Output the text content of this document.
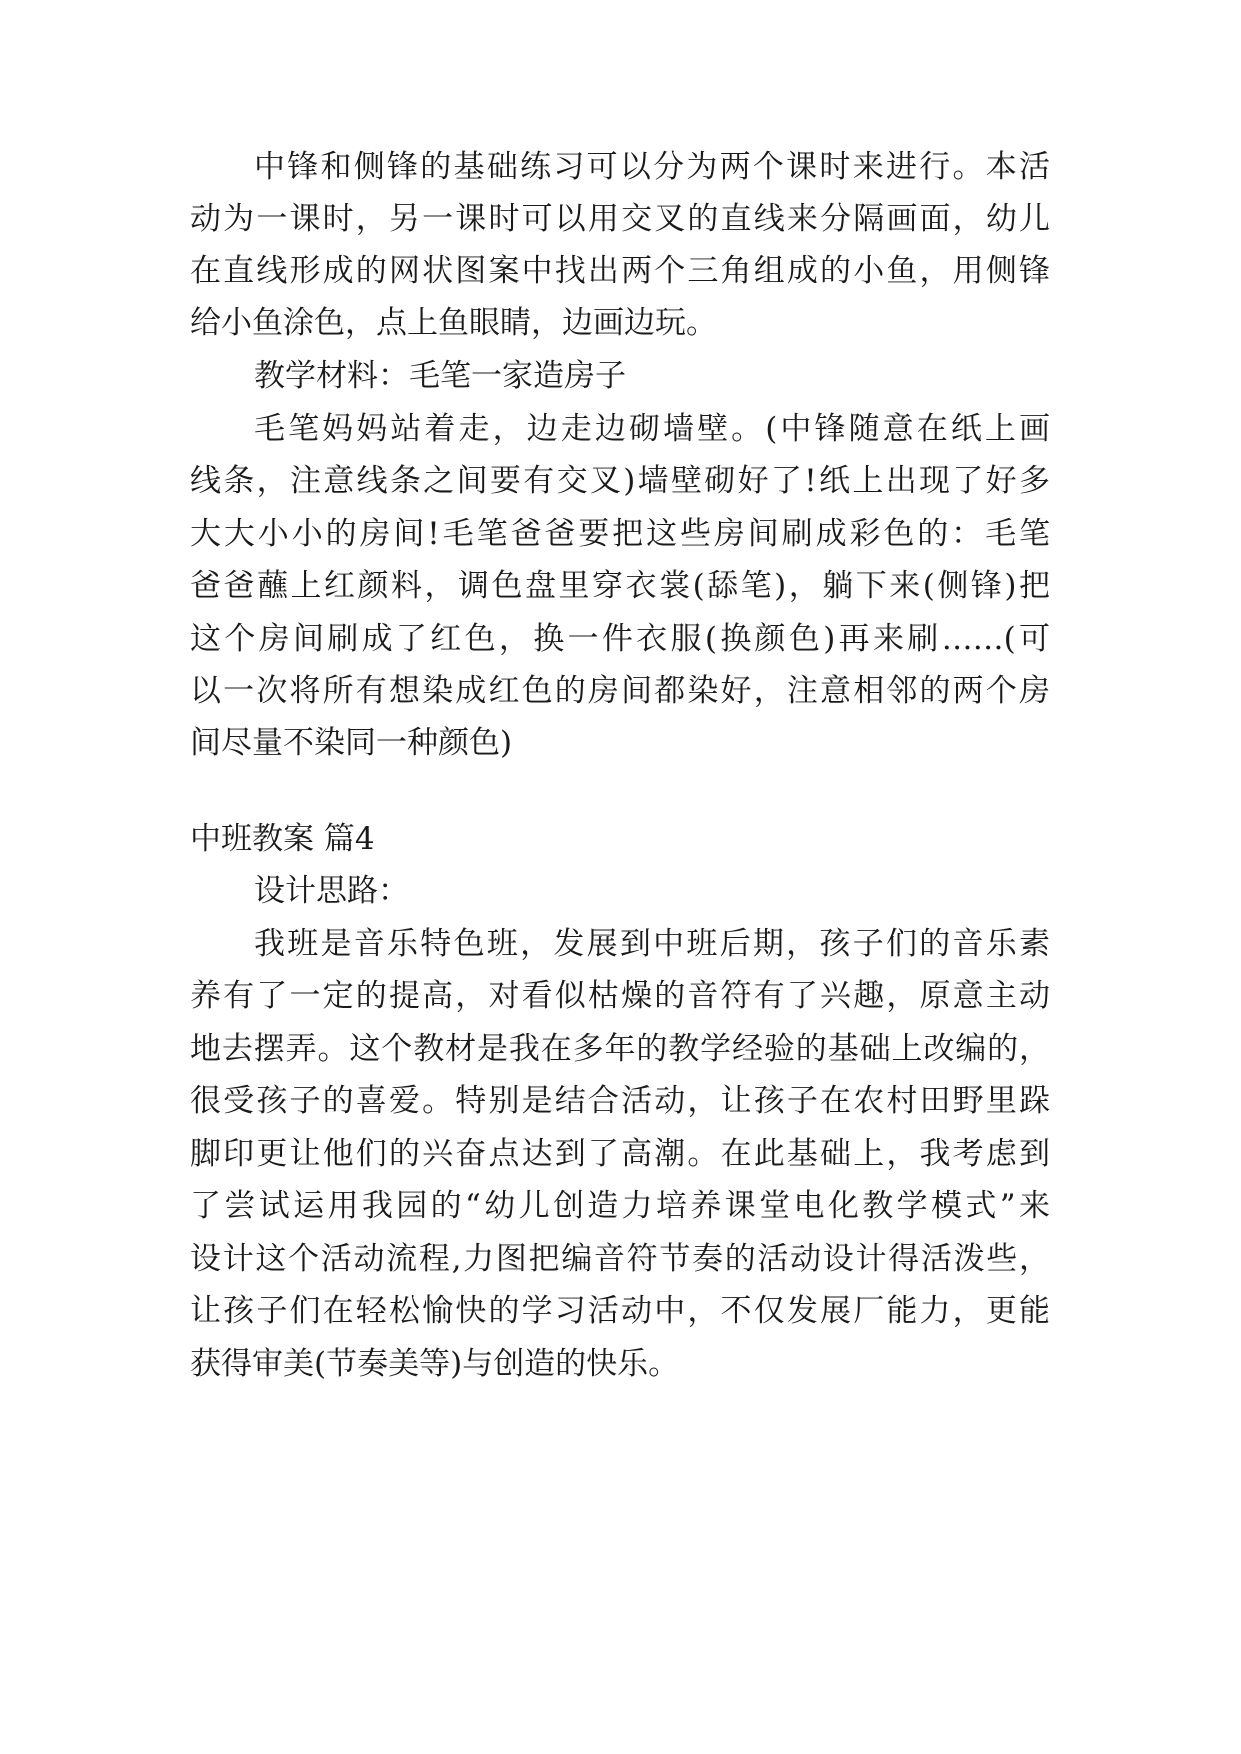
中锋和侧锋的基础练习可以分为两个课时来进行。本活
动为一课时，另一课时可以用交叉的直线来分隔画面，幼儿
在直线形成的网状图案中找出两个三角组成的小鱼，用侧锋
给小鱼涂色，点上鱼眼睛，边画边玩。
教学材料：毛笔一家造房子
毛笔妈妈站着走，边走边砌墙壁。(中锋随意在纸上画
线条，注意线条之间要有交叉)墙壁砌好了!纸上出现了好多
大大小小的房间!毛笔爸爸要把这些房间刷成彩色的：毛笔
爸爸蘸上红颜料，调色盘里穿衣裳(舔笔)，躺下来(侧锋)把
这个房间刷成了红色，换一件衣服(换颜色)再来刷……(可
以一次将所有想染成红色的房间都染好，注意相邻的两个房
间尽量不染同一种颜色)
中班教案 篇4
设计思路：
我班是音乐特色班，发展到中班后期，孩子们的音乐素
养有了一定的提高，对看似枯燥的音符有了兴趣，原意主动
地去摆弄。这个教材是我在多年的教学经验的基础上改编的，
很受孩子的喜爱。特别是结合活动，让孩子在农村田野里跺
脚印更让他们的兴奋点达到了高潮。在此基础上，我考虑到
了尝试运用我园的“幼儿创造力培养课堂电化教学模式”来
设计这个活动流程,力图把编音符节奏的活动设计得活泼些，
让孩子们在轻松愉快的学习活动中，不仅发展厂能力，更能
获得审美(节奏美等)与创造的快乐。
